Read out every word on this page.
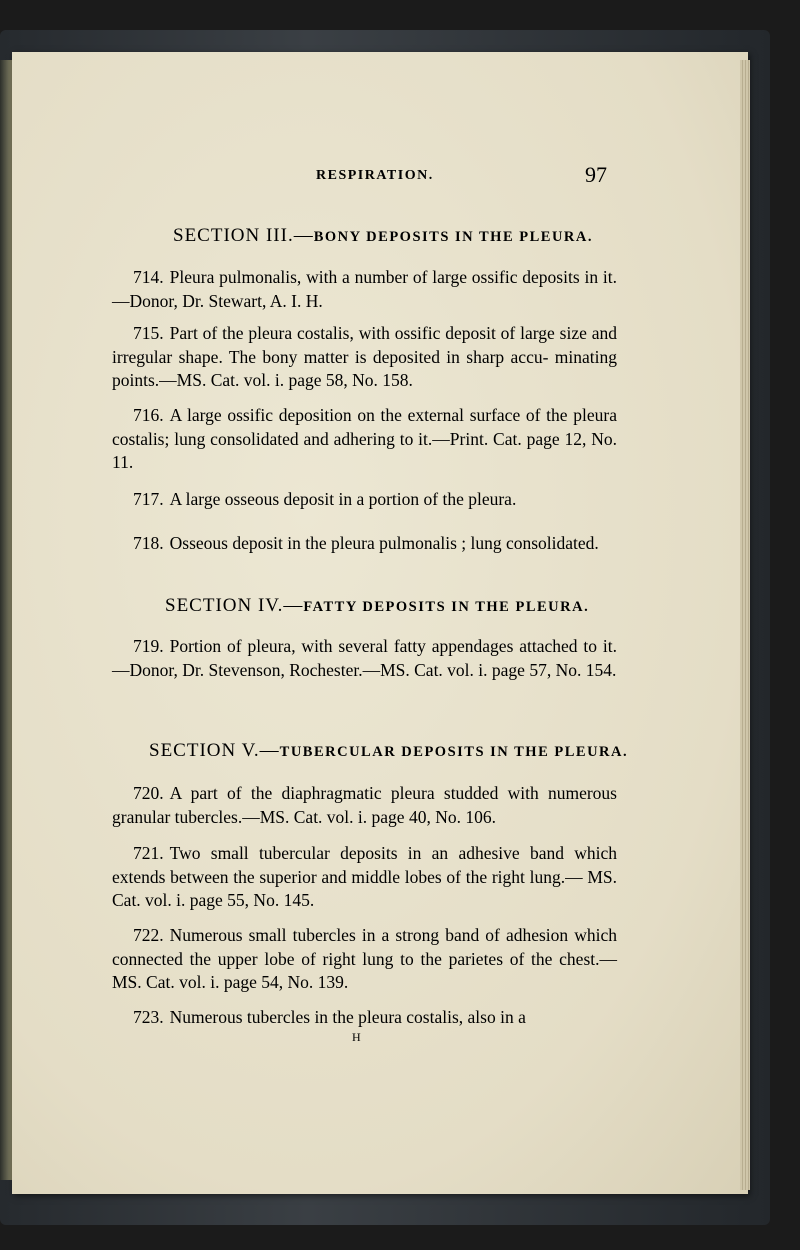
RESPIRATION.	97
SECTION III.—BONY DEPOSITS IN THE PLEURA.
714. Pleura pulmonalis, with a number of large ossific deposits in it.—Donor, Dr. Stewart, A. I. H.
715. Part of the pleura costalis, with ossific deposit of large size and irregular shape. The bony matter is deposited in sharp accu- minating points.—MS. Cat. vol. i. page 58, No. 158.
716. A large ossific deposition on the external surface of the pleura costalis; lung consolidated and adhering to it.—Print. Cat. page 12, No. 11.
717. A large osseous deposit in a portion of the pleura.
718. Osseous deposit in the pleura pulmonalis ; lung consolidated.
SECTION IV.—FATTY DEPOSITS IN THE PLEURA.
719. Portion of pleura, with several fatty appendages attached to it.—Donor, Dr. Stevenson, Rochester.—MS. Cat. vol. i. page 57, No. 154.
SECTION V.—TUBERCULAR DEPOSITS IN THE PLEURA.
720. A part of the diaphragmatic pleura studded with numerous granular tubercles.—MS. Cat. vol. i. page 40, No. 106.
721. Two small tubercular deposits in an adhesive band which extends between the superior and middle lobes of the right lung.— MS. Cat. vol. i. page 55, No. 145.
722. Numerous small tubercles in a strong band of adhesion which connected the upper lobe of right lung to the parietes of the chest.—MS. Cat. vol. i. page 54, No. 139.
723. Numerous tubercles in the pleura costalis, also in a
H
